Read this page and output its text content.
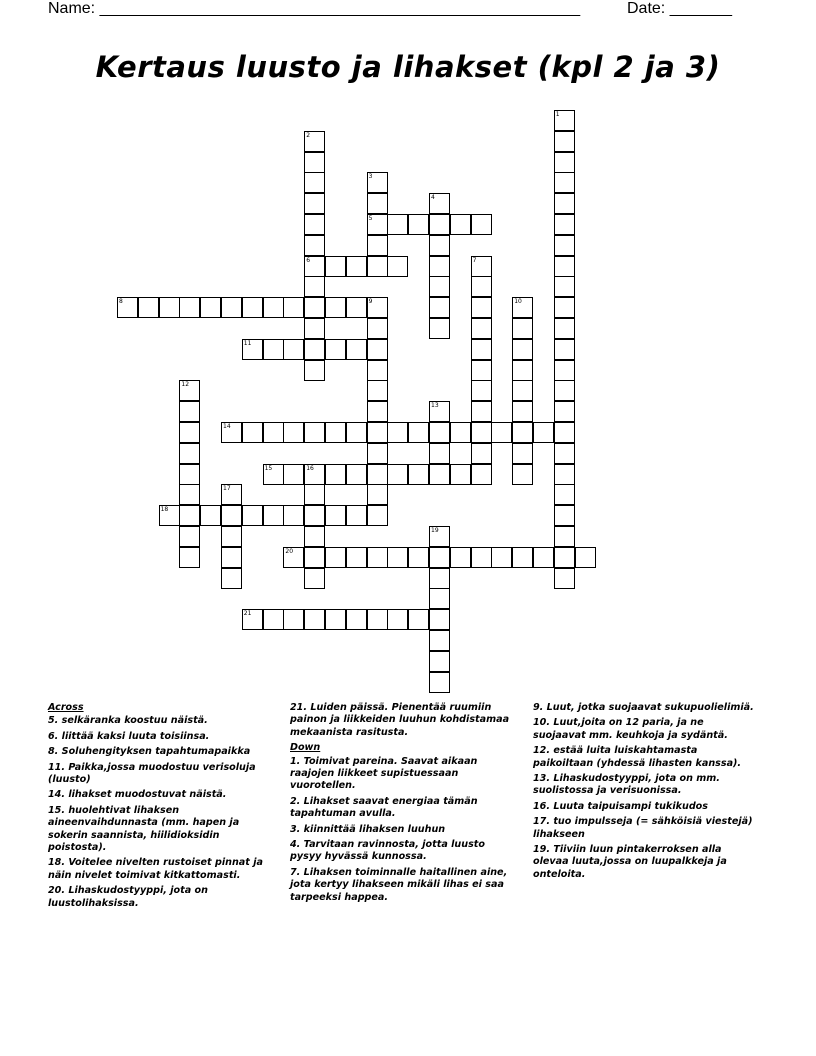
Name: ______________________________________________________	Date: _______
Kertaus luusto ja lihakset (kpl 2 ja 3)
1
2
6
3
5
4
7
9	10
12
13
16
17
19
8
11
14
15
18
20
21
Across
5. selkäranka koostuu näistä.
6. liittää kaksi luuta toisiinsa.
8. Soluhengityksen tapahtumapaikka
11. Paikka,jossa muodostuu verisoluja (luusto)
14. lihakset muodostuvat näistä.
15. huolehtivat lihaksen aineenvaihdunnasta (mm. hapen ja sokerin saannista, hiilidioksidin poistosta).
18. Voitelee nivelten rustoiset pinnat ja näin nivelet toimivat kitkattomasti.
20. Lihaskudostyyppi, jota on luustolihaksissa.
21. Luiden päissä. Pienentää ruumiin painon ja liikkeiden luuhun kohdistamaa mekaanista rasitusta.
Down
1. Toimivat pareina. Saavat aikaan raajojen liikkeet supistuessaan vuorotellen.
2. Lihakset saavat energiaa tämän tapahtuman avulla.
3. kiinnittää lihaksen luuhun
4. Tarvitaan ravinnosta, jotta luusto pysyy hyvässä kunnossa.
7. Lihaksen toiminnalle haitallinen aine, jota kertyy lihakseen mikäli lihas ei saa tarpeeksi happea.
9. Luut, jotka suojaavat sukupuolielimiä.
10. Luut,joita on 12 paria, ja ne suojaavat mm. keuhkoja ja sydäntä.
12. estää luita luiskahtamasta paikoiltaan (yhdessä lihasten kanssa).
13. Lihaskudostyyppi, jota on mm. suolistossa ja verisuonissa.
16. Luuta taipuisampi tukikudos
17. tuo impulsseja (= sähköisiä viestejä) lihakseen
19. Tiiviin luun pintakerroksen alla olevaa luuta,jossa on luupalkkeja ja onteloita.
